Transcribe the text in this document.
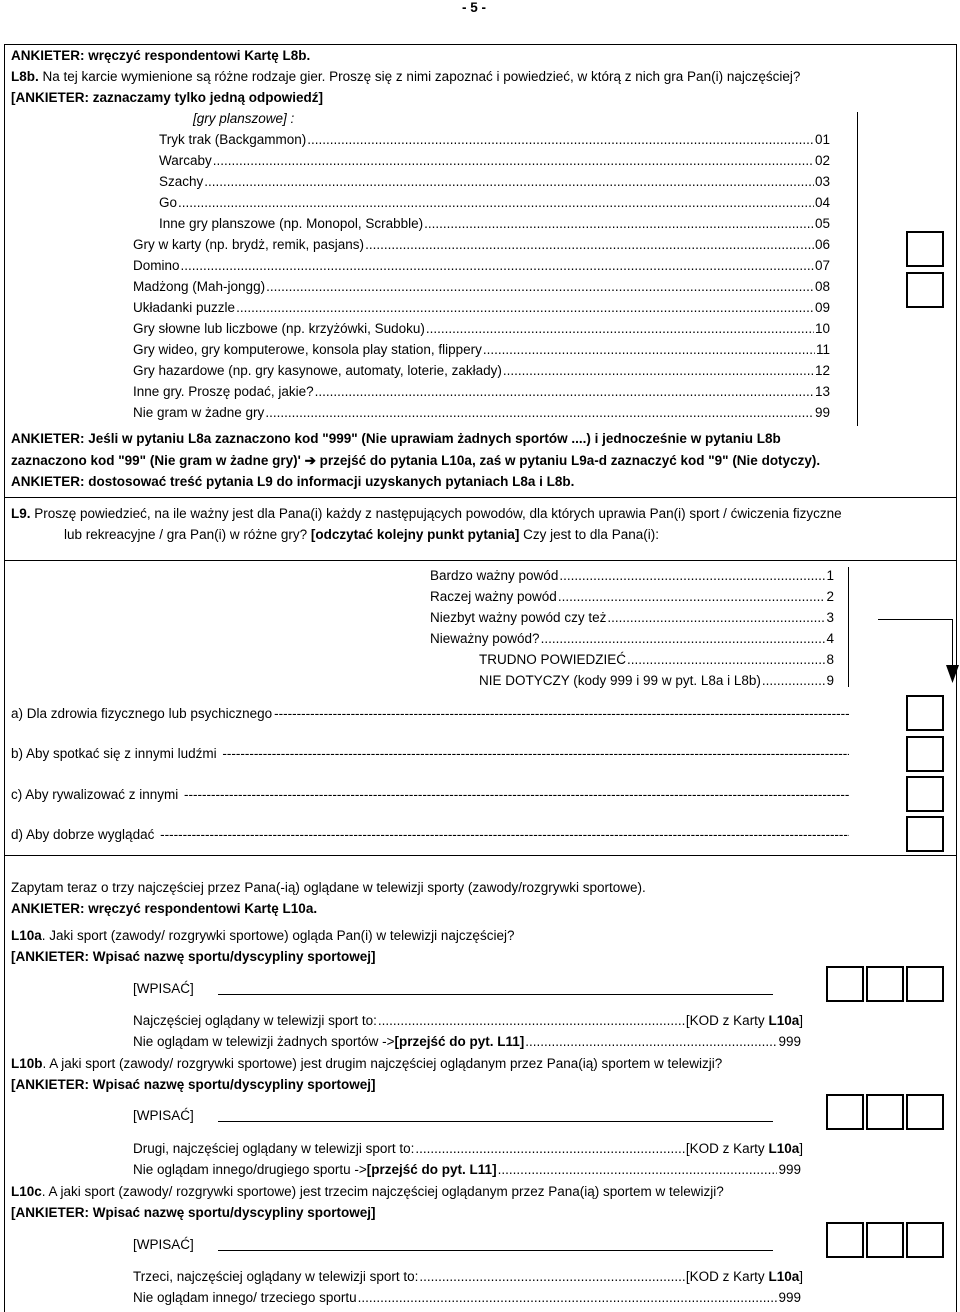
- 5 -
ANKIETER: wręczyć respondentowi Kartę L8b.
L8b. Na tej karcie wymienione są różne rodzaje gier. Proszę się z nimi zapoznać i powiedzieć, w którą z nich gra Pan(i) najczęściej?
[ANKIETER: zaznaczamy tylko jedną odpowiedź]
[gry planszowe] :
Tryk trak (Backgammon) .....	01
Warcaby .....	02
Szachy .....	03
Go .....	04
Inne gry planszowe (np. Monopol, Scrabble) .....	05
Gry w karty (np. brydż, remik, pasjans) .....	06
Domino .....	07
Madżong (Mah-jongg) .....	08
Układanki puzzle .....	09
Gry słowne lub liczbowe (np. krzyżówki, Sudoku) .....	10
Gry wideo, gry komputerowe, konsola play station, flippery .....	11
Gry hazardowe (np. gry kasynowe, automaty, loterie, zakłady) .....	12
Inne gry. Proszę podać, jakie? .....	13
Nie gram w żadne gry .....	99
ANKIETER: Jeśli w pytaniu L8a zaznaczono kod "999" (Nie uprawiam żadnych sportów ....) i jednocześnie w pytaniu L8b
zaznaczono kod "99" (Nie gram w żadne gry)' ➔ przejść do pytania L10a, zaś w pytaniu L9a-d zaznaczyć kod "9" (Nie dotyczy).
ANKIETER: dostosować treść pytania L9 do informacji uzyskanych pytaniach L8a i L8b.
L9. Proszę powiedzieć, na ile ważny jest dla Pana(i) każdy z następujących powodów, dla których uprawia Pan(i) sport / ćwiczenia fizyczne
lub rekreacyjne / gra Pan(i) w różne gry? [odczytać kolejny punkt pytania] Czy jest to dla Pana(i):
Bardzo ważny powód .....	1
Raczej ważny powód .....	2
Niezbyt ważny powód czy też .....	3
Nieważny powód? .....	4
TRUDNO POWIEDZIEĆ .....	8
NIE DOTYCZY (kody 999 i 99 w pyt. L8a i L8b) .....	9
a) Dla zdrowia fizycznego lub psychicznego
-----
b) Aby spotkać się z innymi ludźmi
-----
c) Aby rywalizować z innymi
-----
d) Aby dobrze wyglądać
-----
Zapytam teraz o trzy najczęściej przez Pana(-ią) oglądane w telewizji sporty (zawody/rozgrywki sportowe).
ANKIETER: wręczyć respondentowi Kartę L10a.
L10a. Jaki sport (zawody/ rozgrywki sportowe) ogląda Pan(i) w telewizji najczęściej?
[ANKIETER: Wpisać nazwę sportu/dyscypliny sportowej]
[WPISAĆ]
Najczęściej oglądany w telewizji sport to: .....	[KOD z Karty L10a]
Nie oglądam w telewizji żadnych sportów ->[przejść do pyt. L11] .....	999
L10b. A jaki sport (zawody/ rozgrywki sportowe) jest drugim najczęściej oglądanym przez Pana(ią) sportem w telewizji?
[ANKIETER: Wpisać nazwę sportu/dyscypliny sportowej]
[WPISAĆ]
Drugi, najczęściej oglądany w telewizji sport to: .....	[KOD z Karty L10a]
Nie oglądam innego/drugiego sportu ->[przejść do pyt. L11] .....	999
L10c. A jaki sport (zawody/ rozgrywki sportowe) jest trzecim najczęściej oglądanym przez Pana(ią) sportem w telewizji?
[ANKIETER: Wpisać nazwę sportu/dyscypliny sportowej]
[WPISAĆ]
Trzeci, najczęściej oglądany w telewizji sport to: .....	[KOD z Karty L10a]
Nie oglądam innego/ trzeciego sportu .....	999
